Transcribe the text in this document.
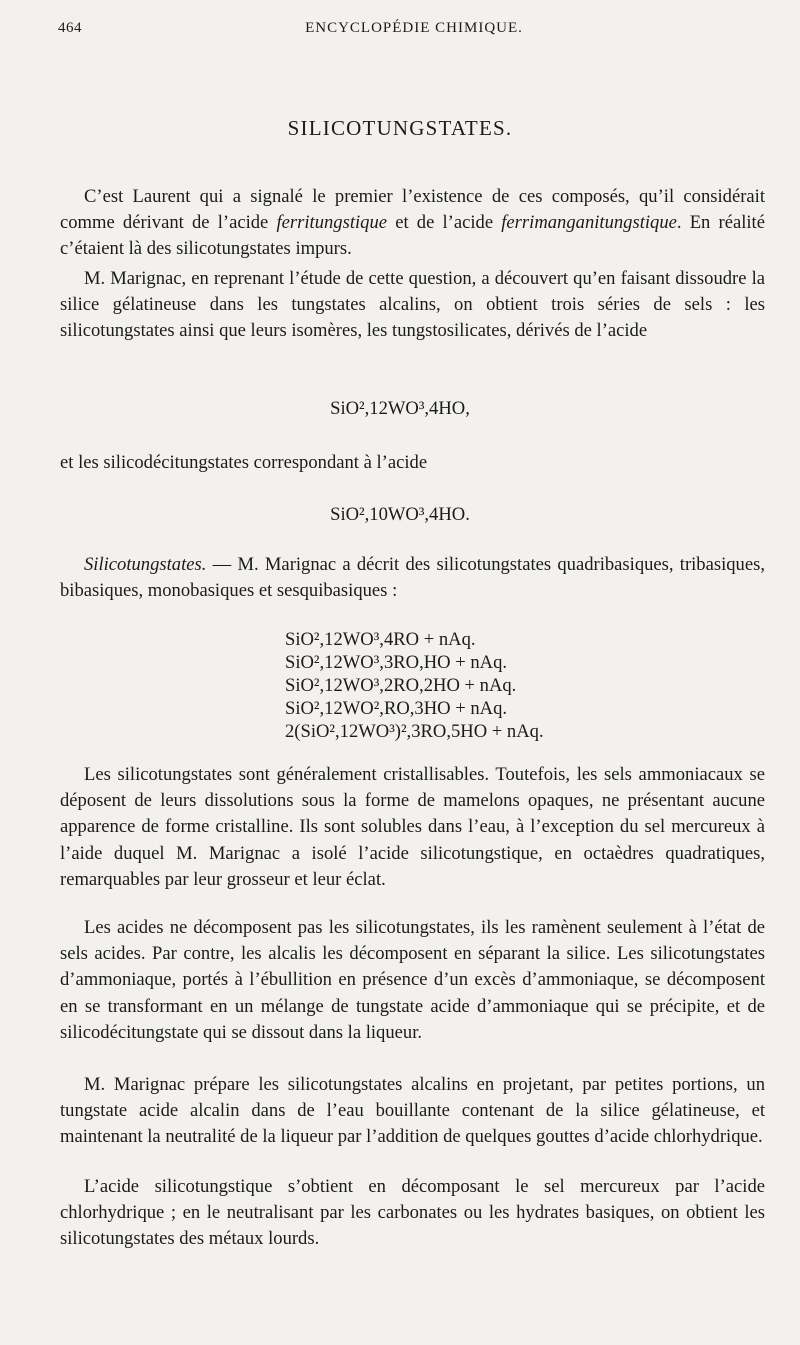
464	ENCYCLOPÉDIE CHIMIQUE.
SILICOTUNGSTATES.

C’est Laurent qui a signalé le premier l’existence de ces composés, qu’il considérait comme dérivant de l’acide ferritungstique et de l’acide ferrimanganitungstique. En réalité c’étaient là des silicotungstates impurs.

M. Marignac, en reprenant l’étude de cette question, a découvert qu’en faisant dissoudre la silice gélatineuse dans les tungstates alcalins, on obtient trois séries de sels : les silicotungstates ainsi que leurs isomères, les tungstosilicates, dérivés de l’acide

SiO²,12WO³,4HO,

et les silicodécitungstates correspondant à l’acide

SiO²,10WO³,4HO.

Silicotungstates. — M. Marignac a décrit des silicotungstates quadribasiques, tribasiques, bibasiques, monobasiques et sesquibasiques :

SiO²,12WO³,4RO + nAq.
SiO²,12WO³,3RO,HO + nAq.
SiO²,12WO³,2RO,2HO + nAq.
SiO²,12WO²,RO,3HO + nAq.
2(SiO²,12WO³)²,3RO,5HO + nAq.

Les silicotungstates sont généralement cristallisables. Toutefois, les sels ammoniacaux se déposent de leurs dissolutions sous la forme de mamelons opaques, ne présentant aucune apparence de forme cristalline. Ils sont solubles dans l’eau, à l’exception du sel mercureux à l’aide duquel M. Marignac a isolé l’acide silicotungstique, en octaèdres quadratiques, remarquables par leur grosseur et leur éclat.

Les acides ne décomposent pas les silicotungstates, ils les ramènent seulement à l’état de sels acides. Par contre, les alcalis les décomposent en séparant la silice. Les silicotungstates d’ammoniaque, portés à l’ébullition en présence d’un excès d’ammoniaque, se décomposent en se transformant en un mélange de tungstate acide d’ammoniaque qui se précipite, et de silicodécitungstate qui se dissout dans la liqueur.

M. Marignac prépare les silicotungstates alcalins en projetant, par petites portions, un tungstate acide alcalin dans de l’eau bouillante contenant de la silice gélatineuse, et maintenant la neutralité de la liqueur par l’addition de quelques gouttes d’acide chlorhydrique.

L’acide silicotungstique s’obtient en décomposant le sel mercureux par l’acide chlorhydrique ; en le neutralisant par les carbonates ou les hydrates basiques, on obtient les silicotungstates des métaux lourds.
